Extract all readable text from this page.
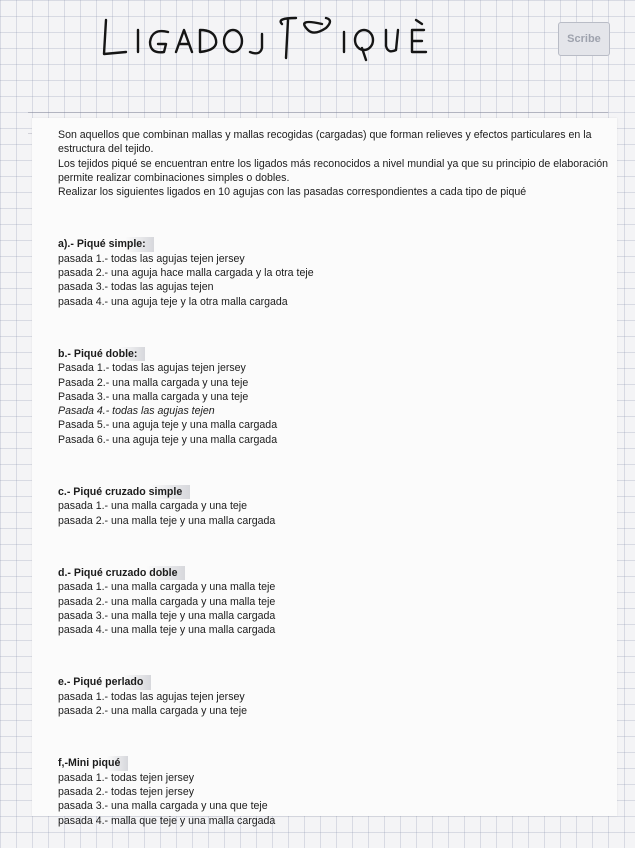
Scribe

Son aquellos que combinan mallas y mallas recogidas (cargadas) que forman relieves y efectos particulares en la estructura del tejido.

Los tejidos piqué se encuentran entre los ligados más reconocidos a nivel mundial ya que su principio de elaboración permite realizar combinaciones simples o dobles.

Realizar los siguientes ligados en 10 agujas con las pasadas correspondientes a cada tipo de piqué

a).- Piqué simple:
pasada 1.- todas las agujas tejen jersey
pasada 2.- una aguja hace malla cargada y la otra teje
pasada 3.- todas las agujas tejen
pasada 4.- una aguja teje y la otra malla cargada
b.- Piqué doble:
Pasada 1.- todas las agujas tejen jersey
Pasada 2.- una malla cargada y una teje
Pasada 3.- una malla cargada y una teje
Pasada 4.- todas las agujas tejen
Pasada 5.- una aguja teje y una malla cargada
Pasada 6.- una aguja teje y una malla cargada
c.- Piqué cruzado simple
pasada 1.- una malla cargada y una teje
pasada 2.- una malla teje y una malla cargada
d.- Piqué cruzado doble
pasada 1.- una malla cargada y una malla teje
pasada 2.- una malla cargada y una malla teje
pasada 3.- una malla teje y una malla cargada
pasada 4.- una malla teje y una malla cargada
e.- Piqué perlado
pasada 1.- todas las agujas tejen jersey
pasada 2.- una malla cargada y una teje
f,-Mini piqué
pasada 1.- todas tejen jersey
pasada 2.- todas tejen jersey
pasada 3.- una malla cargada y una que teje
pasada 4.- malla que teje y una malla cargada
